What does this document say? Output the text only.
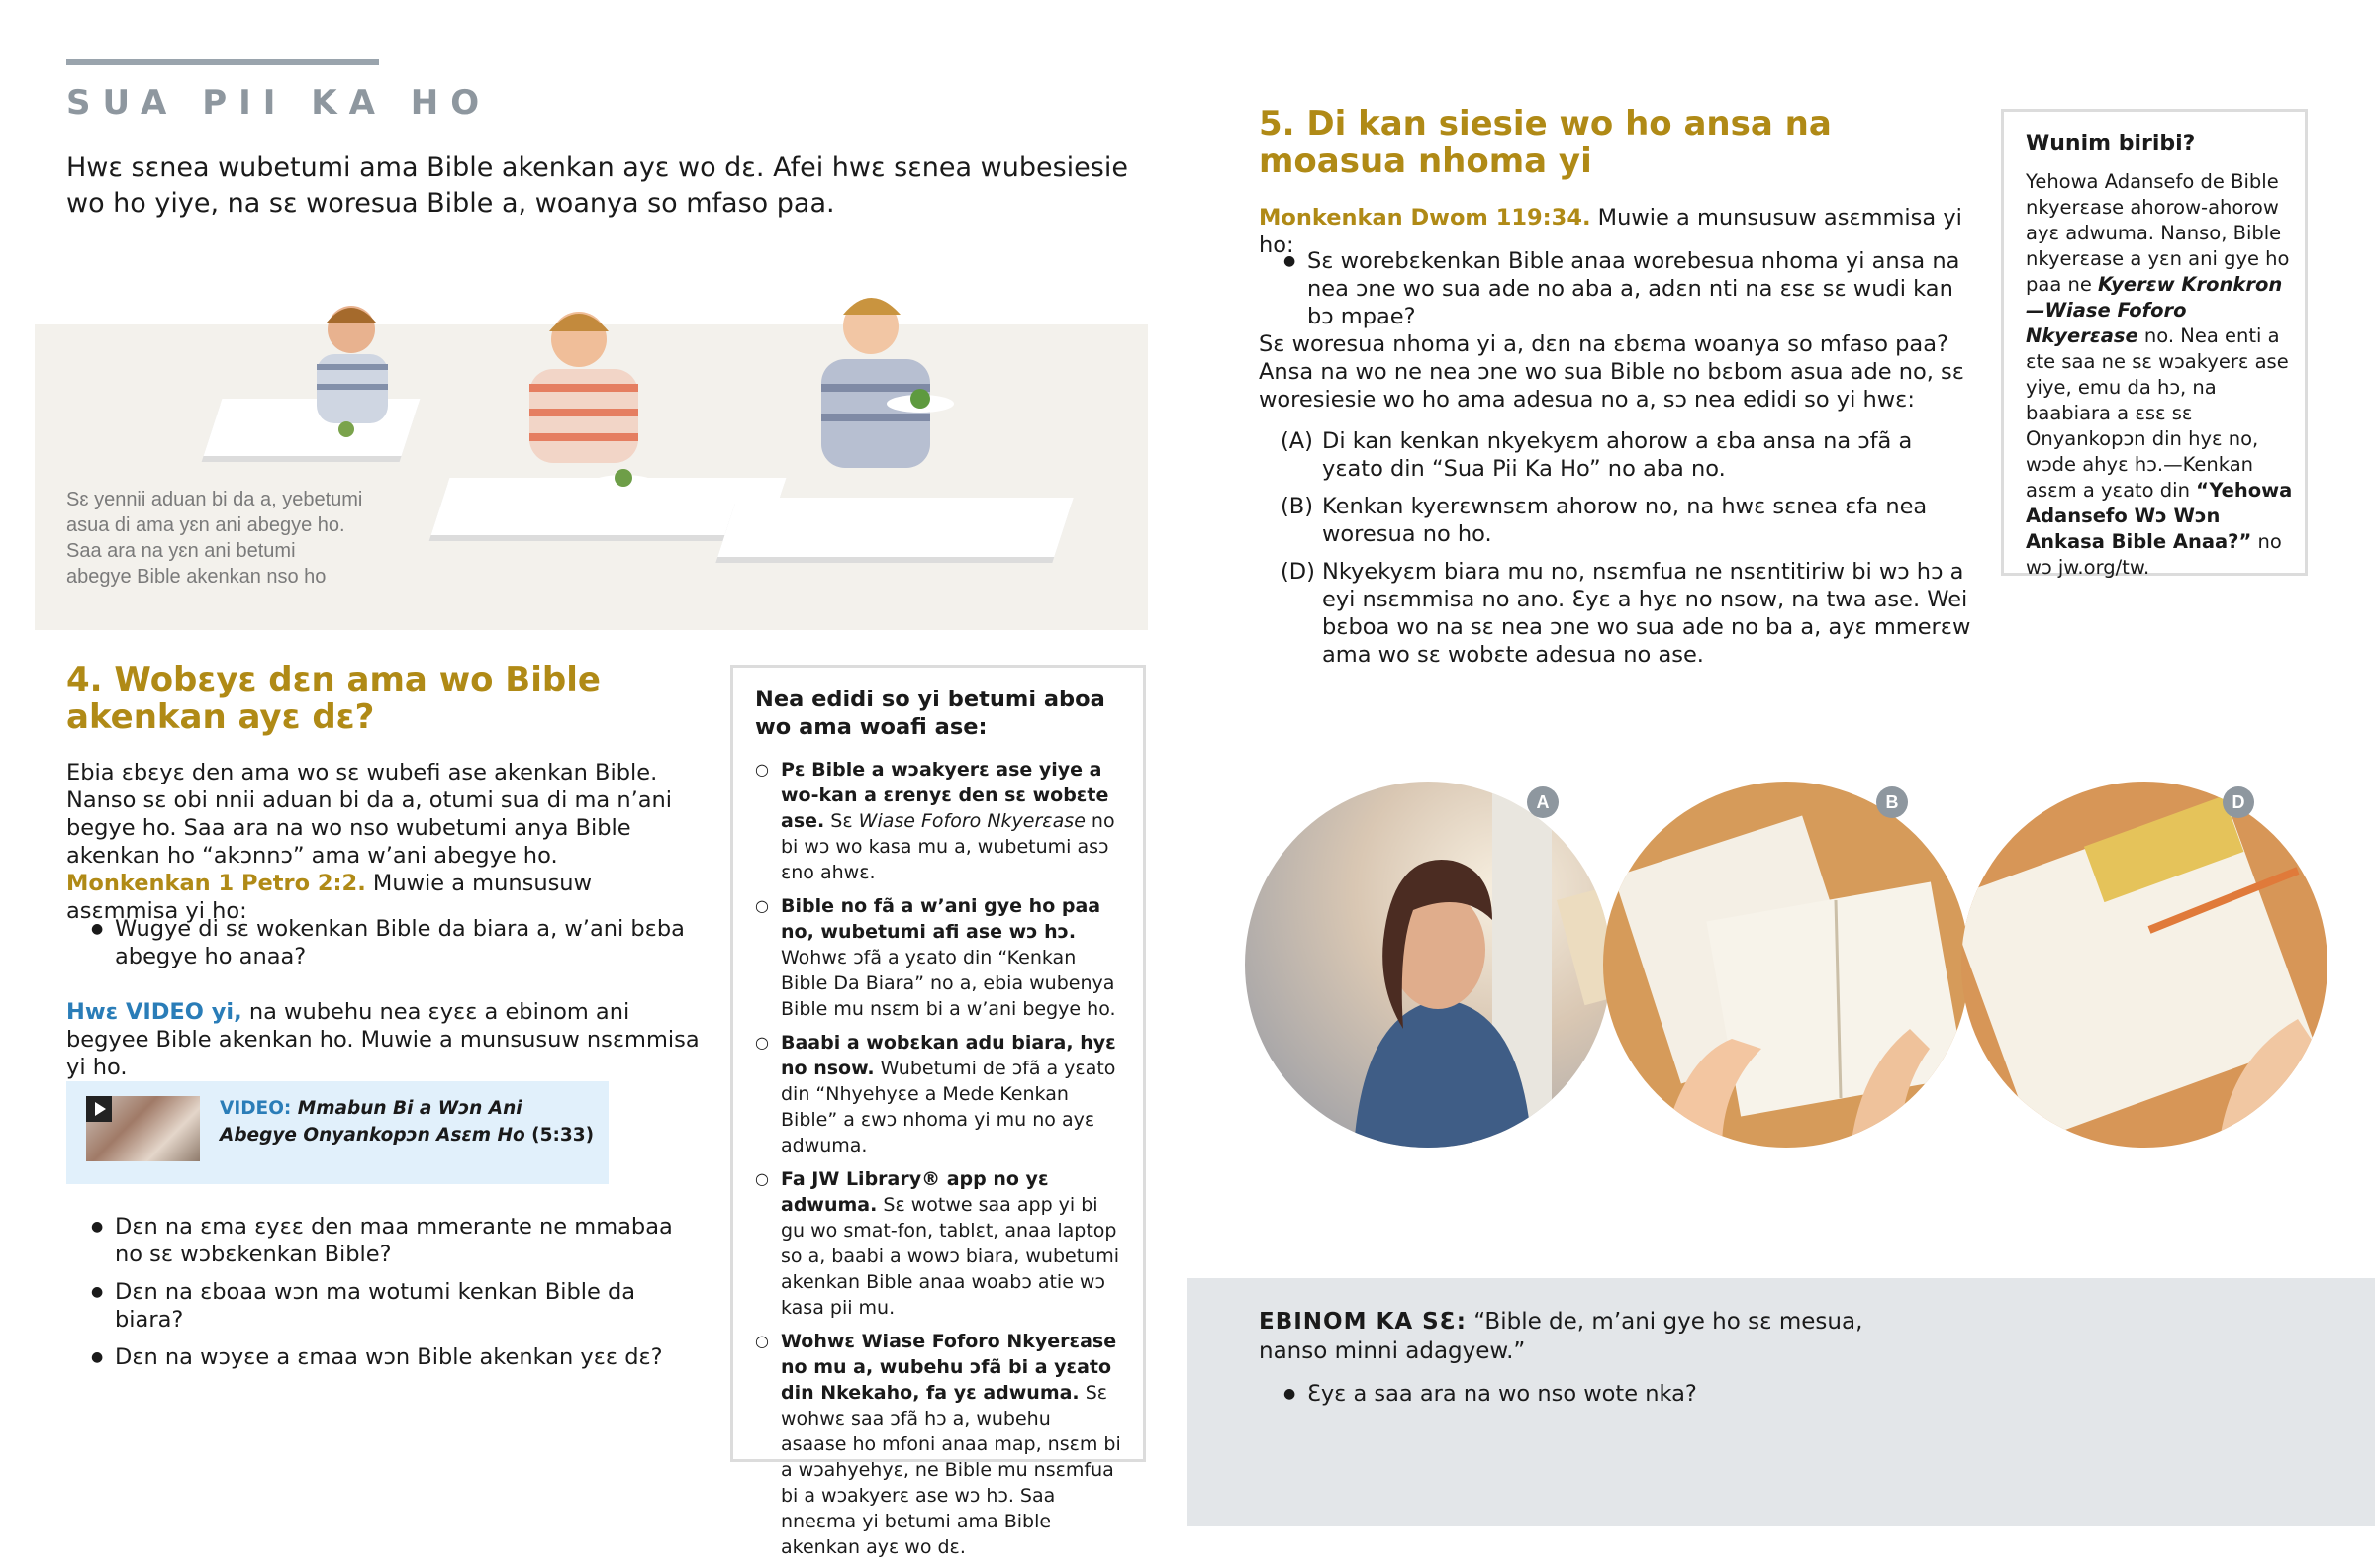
SUA PII KA HO
Hwɛ sɛnea wubetumi ama Bible akenkan ayɛ wo dɛ. Afei hwɛ sɛnea wubesiesie wo ho yiye, na sɛ woresua Bible a, woanya so mfaso paa.
Sɛ yennii aduan bi da a, yebetumi asua di ama yɛn ani abegye ho. Saa ara na yɛn ani betumi abegye Bible akenkan nso ho
4. Wobɛyɛ dɛn ama wo Bible akenkan ayɛ dɛ?
Ebia ɛbɛyɛ den ama wo sɛ wubefi ase akenkan Bible. Nanso sɛ obi nnii aduan bi da a, otumi sua di ma n’ani begye ho. Saa ara na wo nso wubetumi anya Bible akenkan ho “akɔnnɔ” ama w’ani abegye ho. Monkenkan 1 Petro 2:2. Muwie a munsusuw asɛmmisa yi ho:
● Wugye di sɛ wokenkan Bible da biara a, w’ani bɛba abegye ho anaa?
Hwɛ VIDEO yi, na wubehu nea ɛyɛɛ a ebinom ani begyee Bible akenkan ho. Muwie a munsusuw nsɛmmisa yi ho.
VIDEO: Mmabun Bi a Wɔn Ani Abegye Onyankopɔn Asɛm Ho (5:33)
● Dɛn na ɛma ɛyɛɛ den maa mmerante ne mmabaa no sɛ wɔbɛkenkan Bible?
● Dɛn na ɛboaa wɔn ma wotumi kenkan Bible da biara?
● Dɛn na wɔyɛe a ɛmaa wɔn Bible akenkan yɛɛ dɛ?
Nea edidi so yi betumi aboa wo ama woafi ase:
○ Pɛ Bible a wɔakyerɛ ase yiye a wo-kan a ɛrenyɛ den sɛ wobɛte ase. Sɛ Wiase Foforo Nkyerɛase no bi wɔ wo kasa mu a, wubetumi asɔ ɛno ahwɛ.
○ Bible no fã a w’ani gye ho paa no, wubetumi afi ase wɔ hɔ. Wohwɛ ɔfã a yɛato din “Kenkan Bible Da Biara” no a, ebia wubenya Bible mu nsɛm bi a w’ani begye ho.
○ Baabi a wobɛkan adu biara, hyɛ no nsow. Wubetumi de ɔfã a yɛato din “Nhyehyɛe a Mede Kenkan Bible” a ɛwɔ nhoma yi mu no ayɛ adwuma.
○ Fa JW Library® app no yɛ adwuma. Sɛ wotwe saa app yi bi gu wo smat-fon, tablɛt, anaa laptop so a, baabi a wowɔ biara, wubetumi akenkan Bible anaa woabɔ atie wɔ kasa pii mu.
○ Wohwɛ Wiase Foforo Nkyerɛase no mu a, wubehu ɔfã bi a yɛato din Nkekaho, fa yɛ adwuma. Sɛ wohwɛ saa ɔfã hɔ a, wubehu asaase ho mfoni anaa map, nsɛm bi a wɔahyehyɛ, ne Bible mu nsɛmfua bi a wɔakyerɛ ase wɔ hɔ. Saa nneɛma yi betumi ama Bible akenkan ayɛ wo dɛ.
5. Di kan siesie wo ho ansa na moasua nhoma yi
Monkenkan Dwom 119:34. Muwie a munsusuw asɛmmisa yi ho:
● Sɛ worebɛkenkan Bible anaa worebesua nhoma yi ansa na nea ɔne wo sua ade no aba a, adɛn nti na ɛsɛ sɛ wudi kan bɔ mpae?
Sɛ woresua nhoma yi a, dɛn na ɛbɛma woanya so mfaso paa? Ansa na wo ne nea ɔne wo sua Bible no bɛbom asua ade no, sɛ woresiesie wo ho ama adesua no a, sɔ nea edidi so yi hwɛ:
(A) Di kan kenkan nkyekyɛm ahorow a ɛba ansa na ɔfã a yɛato din “Sua Pii Ka Ho” no aba no.
(B) Kenkan kyerɛwnsɛm ahorow no, na hwɛ sɛnea ɛfa nea woresua no ho.
(D) Nkyekyɛm biara mu no, nsɛmfua ne nsɛntitiriw bi wɔ hɔ a eyi nsɛmmisa no ano. Ɛyɛ a hyɛ no nsow, na twa ase. Wei bɛboa wo na sɛ nea ɔne wo sua ade no ba a, ayɛ mmerɛw ama wo sɛ wobɛte adesua no ase.
Wunim biribi?
Yehowa Adansefo de Bible nkyerɛase ahorow-ahorow ayɛ adwuma. Nanso, Bible nkyerɛase a yɛn ani gye ho paa ne Kyerɛw Kronkron —Wiase Foforo Nkyerɛase no. Nea enti a ɛte saa ne sɛ wɔakyerɛ ase yiye, emu da hɔ, na baabiara a ɛsɛ sɛ Onyankopɔn din hyɛ no, wɔde ahyɛ hɔ.—Kenkan asɛm a yɛato din “Yehowa Adansefo Wɔ Wɔn Ankasa Bible Anaa?” no wɔ jw.org/tw.
A	B	D
EBINOM KA SƐ: “Bible de, m’ani gye ho sɛ mesua, nanso minni adagyew.”
● Ɛyɛ a saa ara na wo nso wote nka?
